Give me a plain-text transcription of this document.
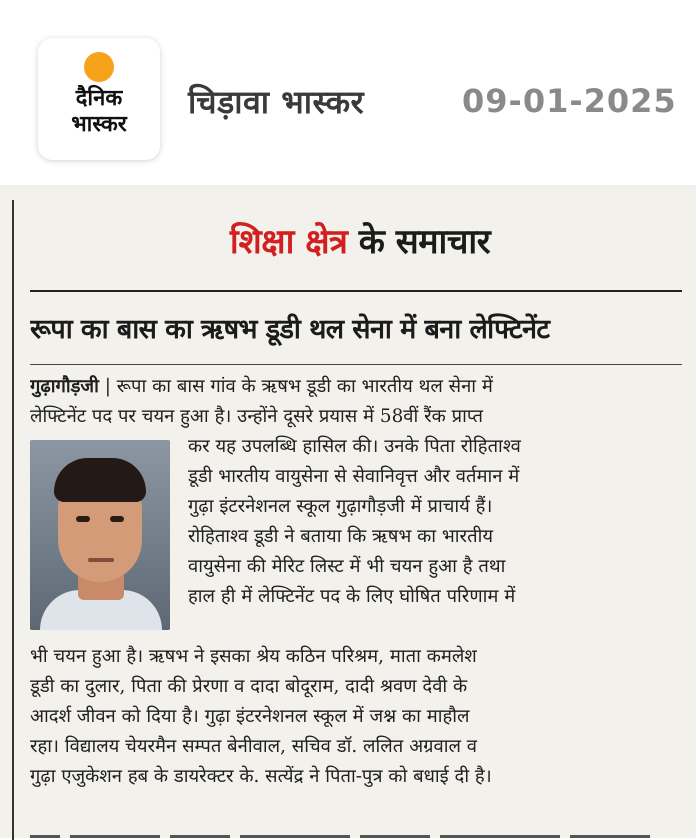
दैनिक
भास्कर
चिड़ावा भास्कर	09-01-2025
शिक्षा क्षेत्र के समाचार
रूपा का बास का ऋषभ डूडी थल सेना में बना लेफ्टिनेंट
गुढ़ागौड़जी | रूपा का बास गांव के ऋषभ डूडी का भारतीय थल सेना में
लेफ्टिनेंट पद पर चयन हुआ है। उन्होंने दूसरे प्रयास में 58वीं रैंक प्राप्त
कर यह उपलब्धि हासिल की। उनके पिता रोहिताश्व
डूडी भारतीय वायुसेना से सेवानिवृत्त और वर्तमान में
गुढ़ा इंटरनेशनल स्कूल गुढ़ागौड़जी में प्राचार्य हैं।
रोहिताश्व डूडी ने बताया कि ऋषभ का भारतीय
वायुसेना की मेरिट लिस्ट में भी चयन हुआ है तथा
हाल ही में लेफ्टिनेंट पद के लिए घोषित परिणाम में
भी चयन हुआ है। ऋषभ ने इसका श्रेय कठिन परिश्रम, माता कमलेश
डूडी का दुलार, पिता की प्रेरणा व दादा बोदूराम, दादी श्रवण देवी के
आदर्श जीवन को दिया है। गुढ़ा इंटरनेशनल स्कूल में जश्न का माहौल
रहा। विद्यालय चेयरमैन सम्पत बेनीवाल, सचिव डॉ. ललित अग्रवाल व
गुढ़ा एजुकेशन हब के डायरेक्टर के. सत्येंद्र ने पिता-पुत्र को बधाई दी है।
